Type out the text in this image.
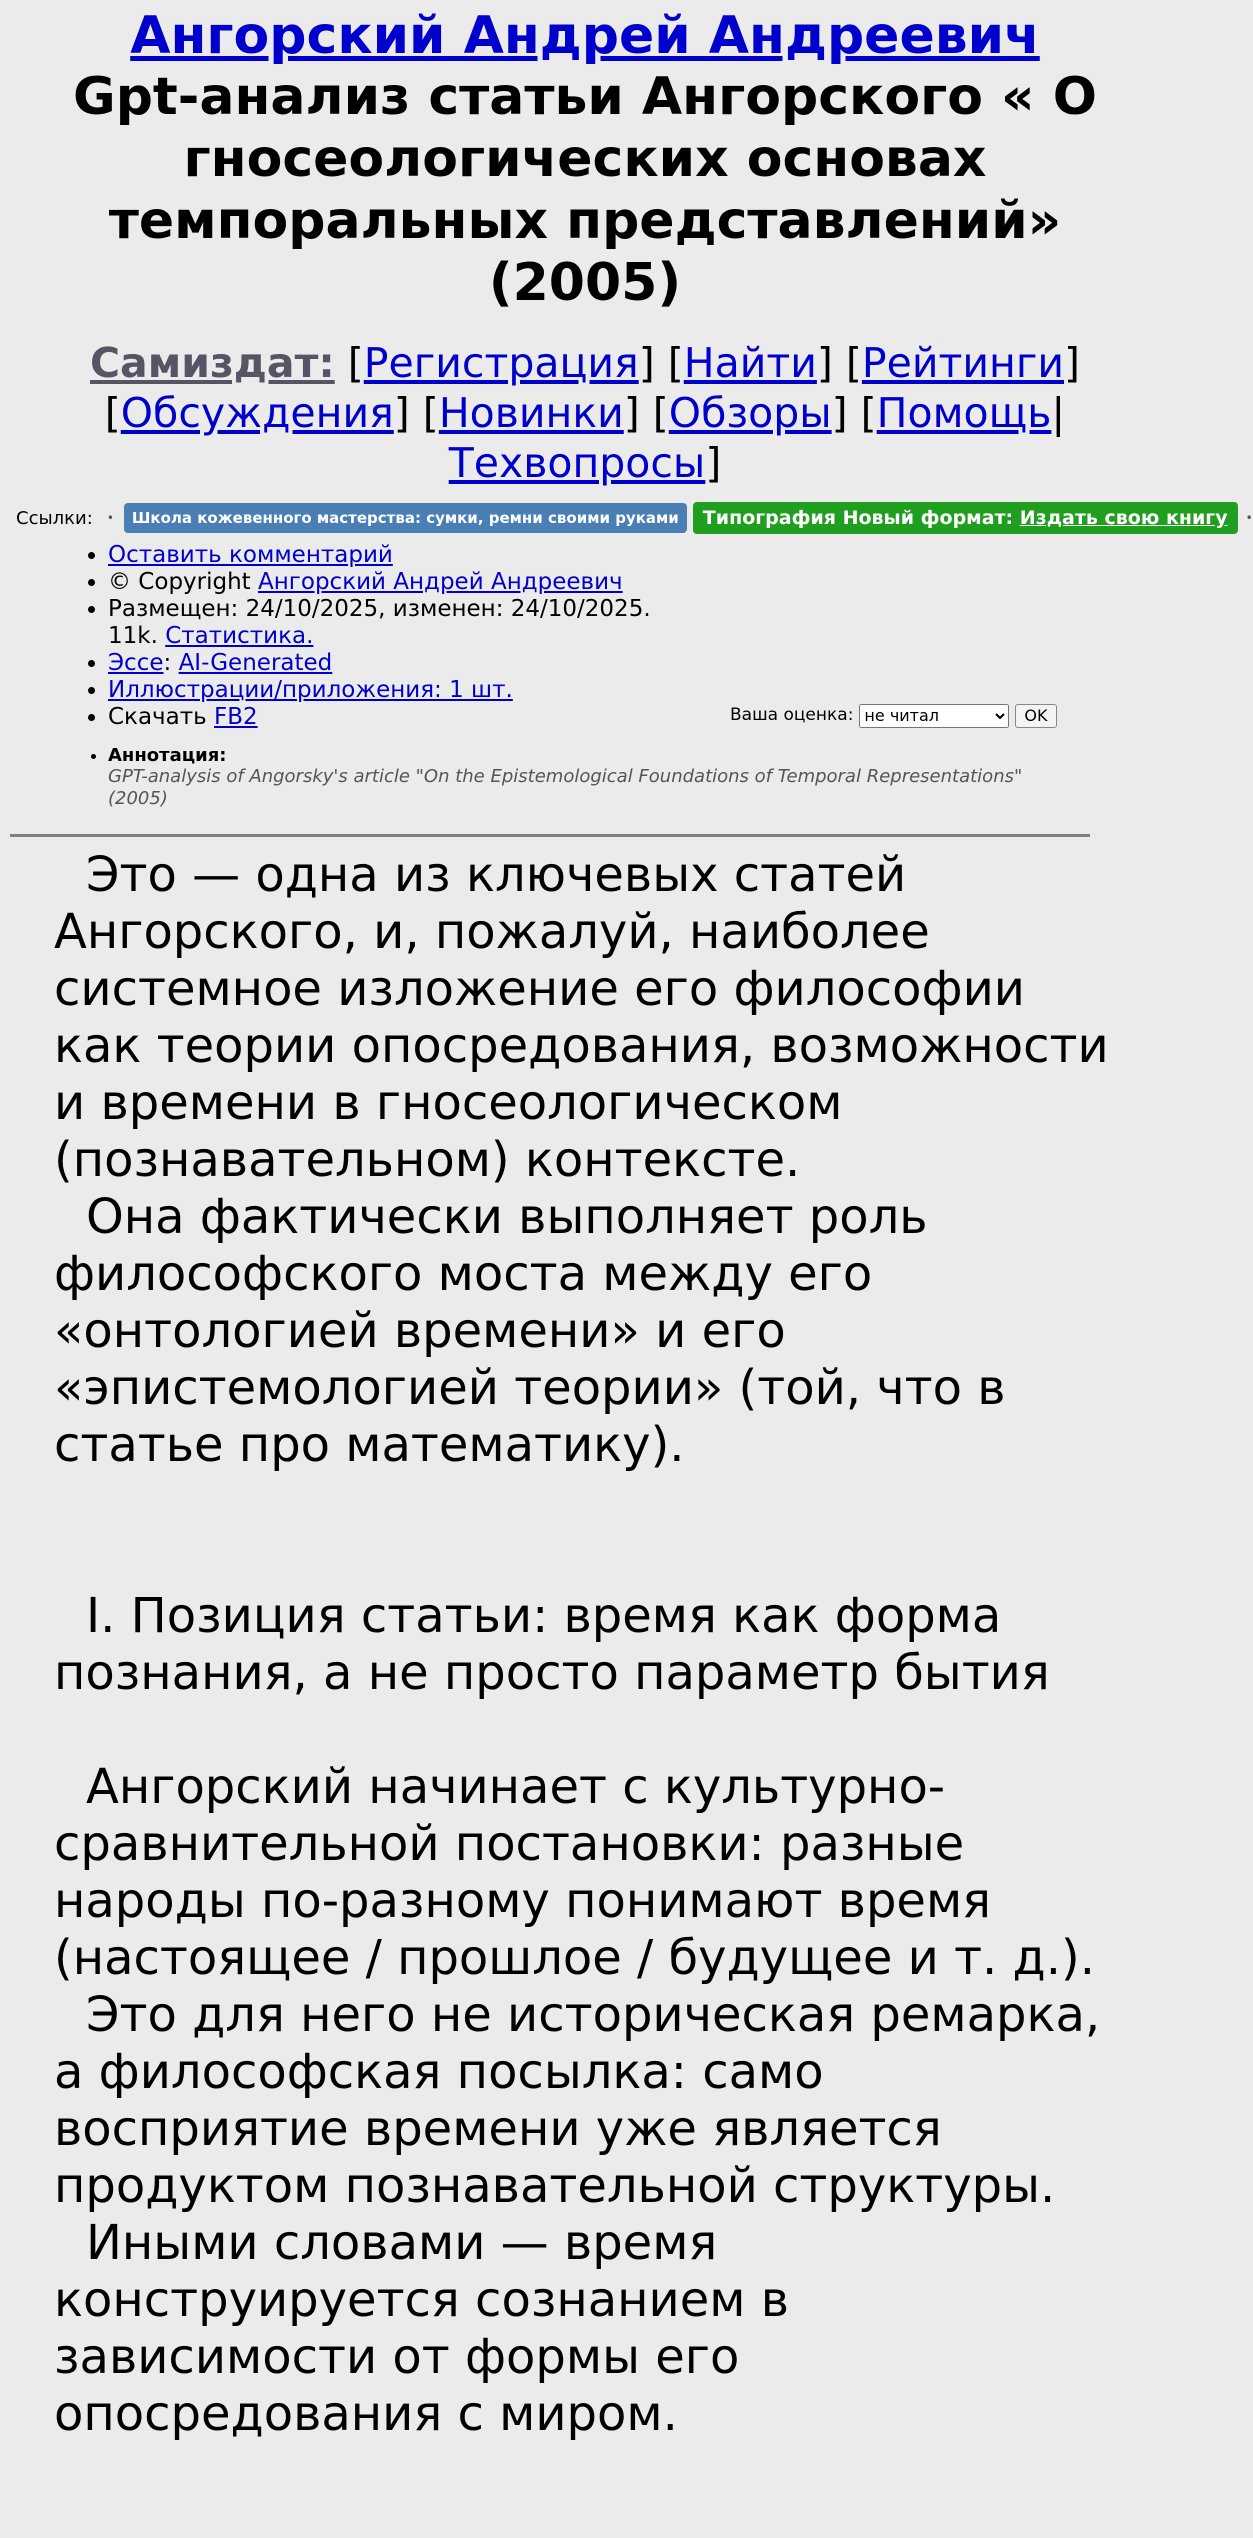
Ангорский Андрей Андреевич
Gpt-анализ статьи Ангорского « О гносеологических основах темпоральных представлений» (2005)
Самиздат: [Регистрация] [Найти] [Рейтинги] [Обсуждения] [Новинки] [Обзоры] [Помощь| Техвопросы]
Ссылки: •	Школа кожевенного мастерства: сумки, ремни своими руками	Типография Новый формат: Издать свою книгу	•
• Оставить комментарий
• © Copyright Ангорский Андрей Андреевич
• Размещен: 24/10/2025, изменен: 24/10/2025.
11k. Статистика.
• Эссе: AI-Generated
• Иллюстрации/приложения: 1 шт.
• Скачать FB2	Ваша оценка:
не читал	OK
• Аннотация:
GPT-analysis of Angorsky's article "On the Epistemological Foundations of Temporal Representations" (2005)

Это — одна из ключевых статей Ангорского, и, пожалуй, наиболее системное изложение его философии как теории опосредования, возможности и времени в гносеологическом (познавательном) контексте.

Она фактически выполняет роль философского моста между его «онтологией времени» и его «эпистемологией теории» (той, что в статье про математику).

I. Позиция статьи: время как форма познания, а не просто параметр бытия

Ангорский начинает с культурно-сравнительной постановки: разные народы по-разному понимают время (настоящее / прошлое / будущее и т. д.).

Это для него не историческая ремарка, а философская посылка: само восприятие времени уже является продуктом познавательной структуры.

Иными словами — время конструируется сознанием в зависимости от формы его опосредования с миром.
